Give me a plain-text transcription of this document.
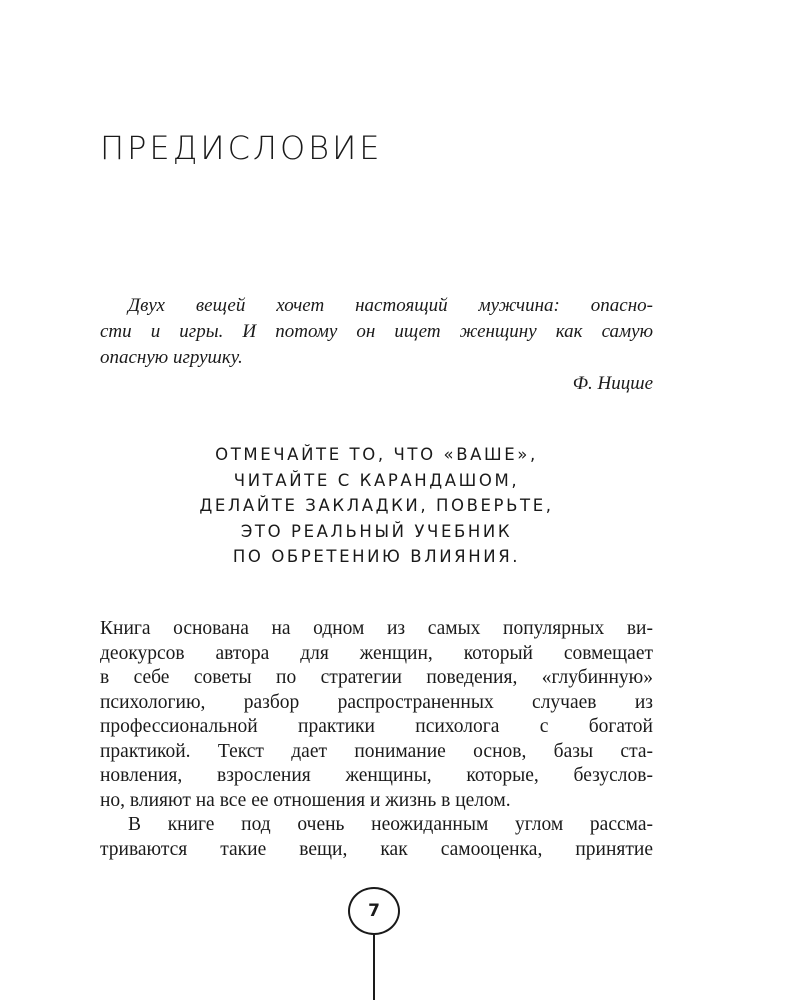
ПРЕДИСЛОВИЕ

Двух вещей хочет настоящий мужчина: опасно-
сти и игры. И потому он ищет женщину как самую
опасную игрушку.

Ф. Ницше

ОТМЕЧАЙТЕ ТО, ЧТО «ВАШЕ»,
ЧИТАЙТЕ С КАРАНДАШОМ,
ДЕЛАЙТЕ ЗАКЛАДКИ, ПОВЕРЬТЕ,
ЭТО РЕАЛЬНЫЙ УЧЕБНИК
ПО ОБРЕТЕНИЮ ВЛИЯНИЯ.

Книга основана на одном из самых популярных ви-
деокурсов автора для женщин, который совмещает
в себе советы по стратегии поведения, «глубинную»
психологию, разбор распространенных случаев из
профессиональной практики психолога с богатой
практикой. Текст дает понимание основ, базы ста-
новления, взросления женщины, которые, безуслов-
но, влияют на все ее отношения и жизнь в целом.

В книге под очень неожиданным углом рассма-
триваются такие вещи, как самооценка, принятие

7
